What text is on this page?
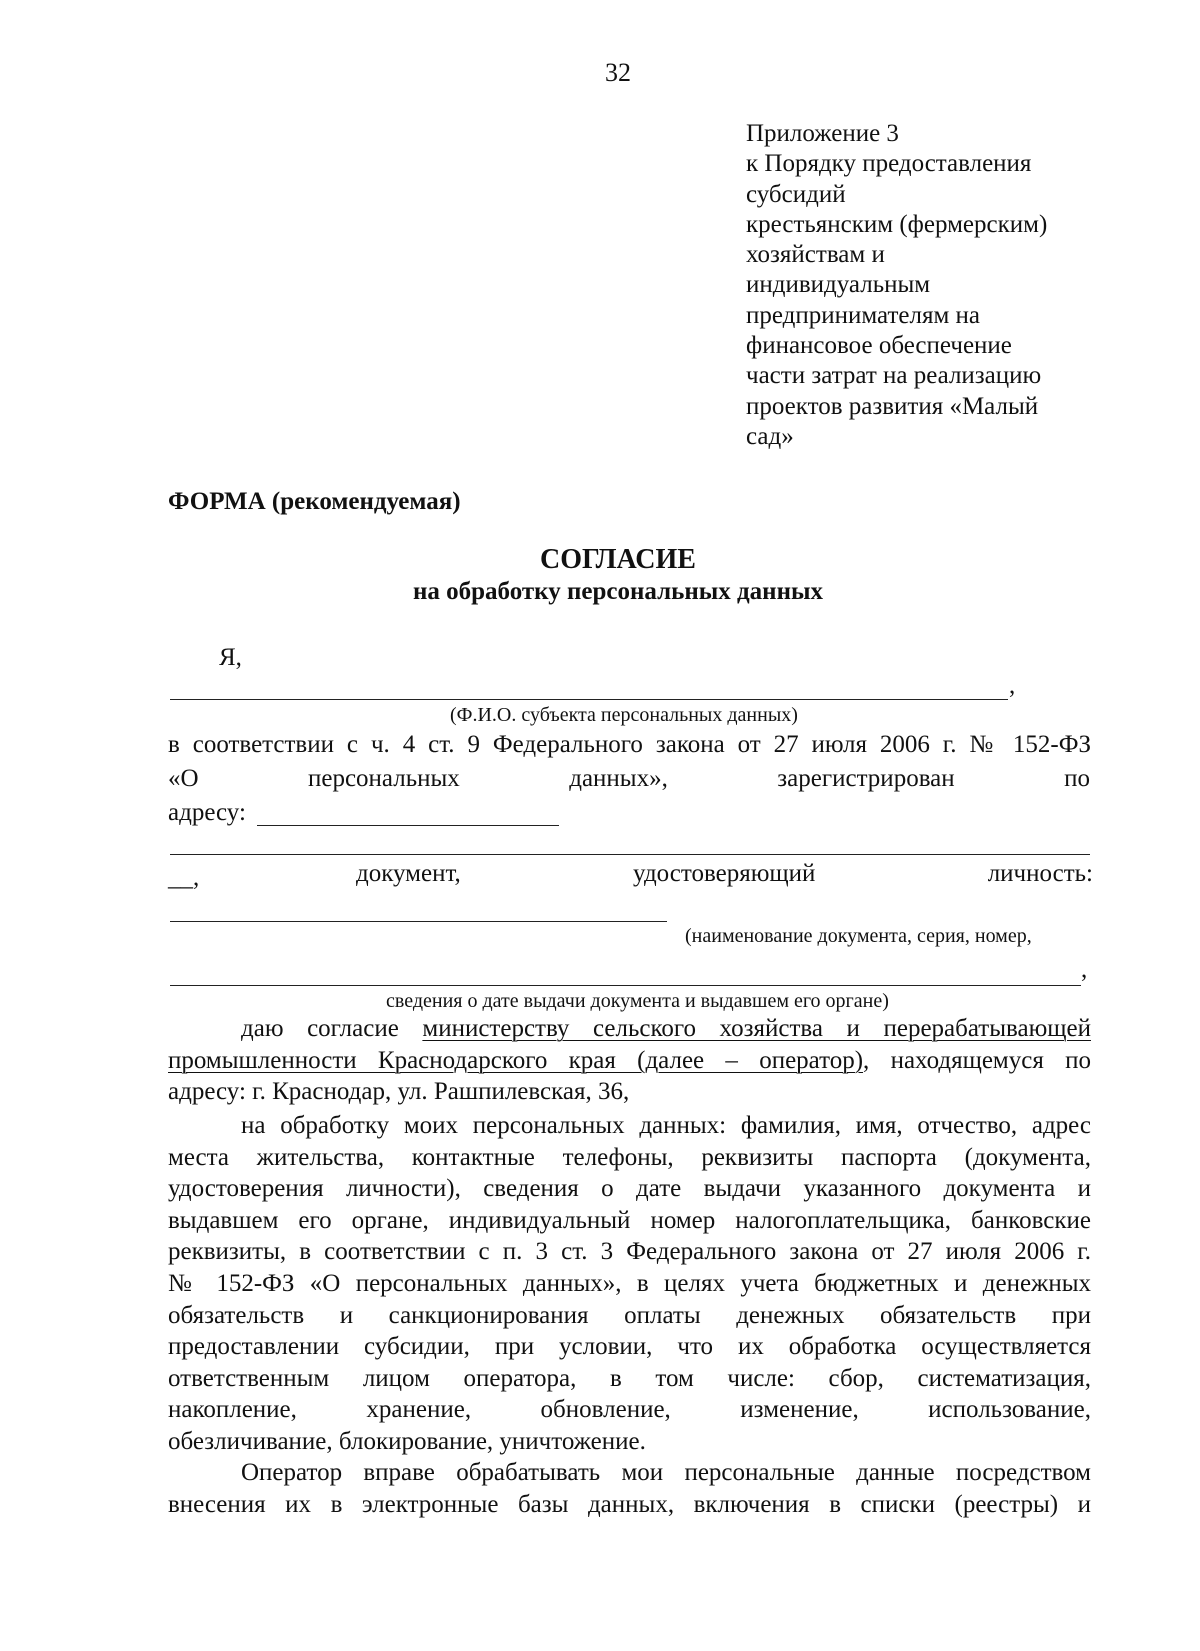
32
Приложение 3
к Порядку предоставления
субсидий
крестьянским (фермерским)
хозяйствам и
индивидуальным
предпринимателям на
финансовое обеспечение
части затрат на реализацию
проектов развития «Малый
сад»
ФОРМА (рекомендуемая)
СОГЛАСИЕ
на обработку персональных данных
Я,
,
(Ф.И.О. субъекта персональных данных)
в соответствии с ч. 4 ст. 9 Федерального закона от 27 июля 2006 г. № 152-ФЗ
«О	персональных	данных»,	зарегистрирован	по
адресу:
__,	документ,	удостоверяющий	личность:
(наименование документа, серия, номер,
,
сведения о дате выдачи документа и выдавшем его органе)
даю согласие министерству сельского хозяйства и перерабатывающей
промышленности Краснодарского края (далее – оператор), находящемуся по
адресу: г. Краснодар, ул. Рашпилевская, 36,
на обработку моих персональных данных: фамилия, имя, отчество, адрес
места жительства, контактные телефоны, реквизиты паспорта (документа,
удостоверения личности), сведения о дате выдачи указанного документа и
выдавшем его органе, индивидуальный номер налогоплательщика, банковские
реквизиты, в соответствии с п. 3 ст. 3 Федерального закона от 27 июля 2006 г.
№ 152-ФЗ «О персональных данных», в целях учета бюджетных и денежных
обязательств и санкционирования оплаты денежных обязательств при
предоставлении субсидии, при условии, что их обработка осуществляется
ответственным лицом оператора, в том числе: сбор, систематизация,
накопление, хранение, обновление, изменение, использование,
обезличивание, блокирование, уничтожение.
Оператор вправе обрабатывать мои персональные данные посредством
внесения их в электронные базы данных, включения в списки (реестры) и
